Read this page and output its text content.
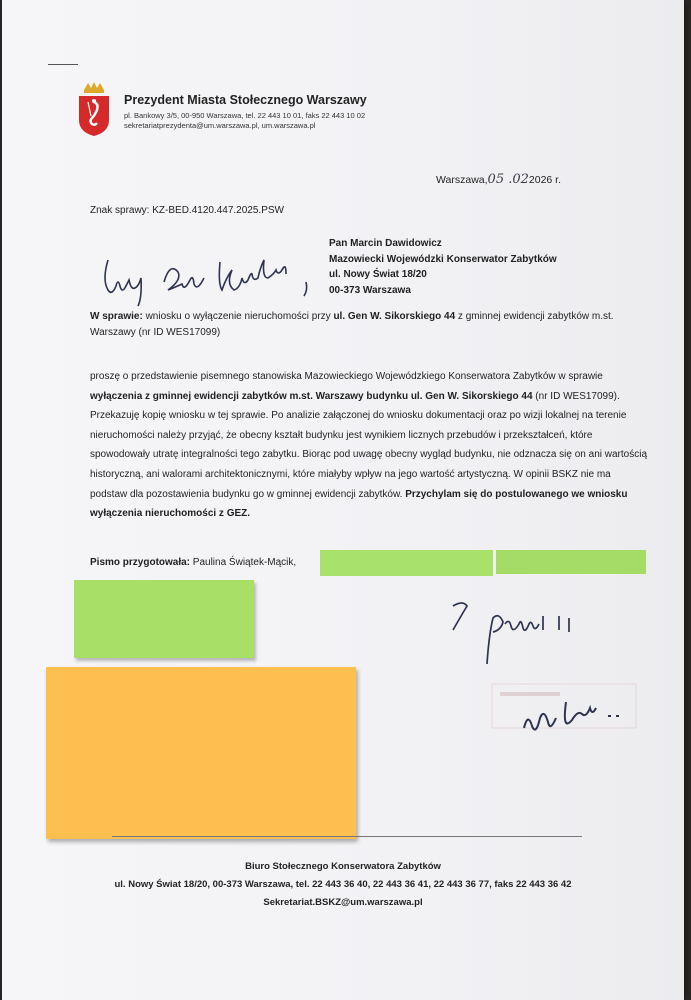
Prezydent Miasta Stołecznego Warszawy
pl. Bankowy 3/5, 00-950 Warszawa, tel. 22 443 10 01, faks 22 443 10 02
sekretariatprezydenta@um.warszawa.pl, um.warszawa.pl
Warszawa,05 .022026 r.
Znak sprawy: KZ-BED.4120.447.2025.PSW
Pan Marcin Dawidowicz
Mazowiecki Wojewódzki Konserwator Zabytków
ul. Nowy Świat 18/20
00-373 Warszawa
W sprawie: wniosku o wyłączenie nieruchomości przy ul. Gen W. Sikorskiego 44 z gminnej ewidencji zabytków m.st. Warszawy (nr ID WES17099)
proszę o przedstawienie pisemnego stanowiska Mazowieckiego Wojewódzkiego Konserwatora Zabytków w sprawie wyłączenia z gminnej ewidencji zabytków m.st. Warszawy budynku ul. Gen W. Sikorskiego 44 (nr ID WES17099). Przekazuję kopię wniosku w tej sprawie. Po analizie załączonej do wniosku dokumentacji oraz po wizji lokalnej na terenie nieruchomości należy przyjąć, że obecny kształt budynku jest wynikiem licznych przebudów i przekształceń, które spowodowały utratę integralności tego zabytku. Biorąc pod uwagę obecny wygląd budynku, nie odznacza się on ani wartością historyczną, ani walorami architektonicznymi, które miałyby wpływ na jego wartość artystyczną. W opinii BSKZ nie ma podstaw dla pozostawienia budynku go w gminnej ewidencji zabytków. Przychylam się do postulowanego we wniosku wyłączenia nieruchomości z GEZ.
Pismo przygotowała: Paulina Świątek-Mącik,
Z poważ.
Biuro Stołecznego Konserwatora Zabytków
ul. Nowy Świat 18/20, 00-373 Warszawa, tel. 22 443 36 40, 22 443 36 41, 22 443 36 77, faks 22 443 36 42
Sekretariat.BSKZ@um.warszawa.pl
